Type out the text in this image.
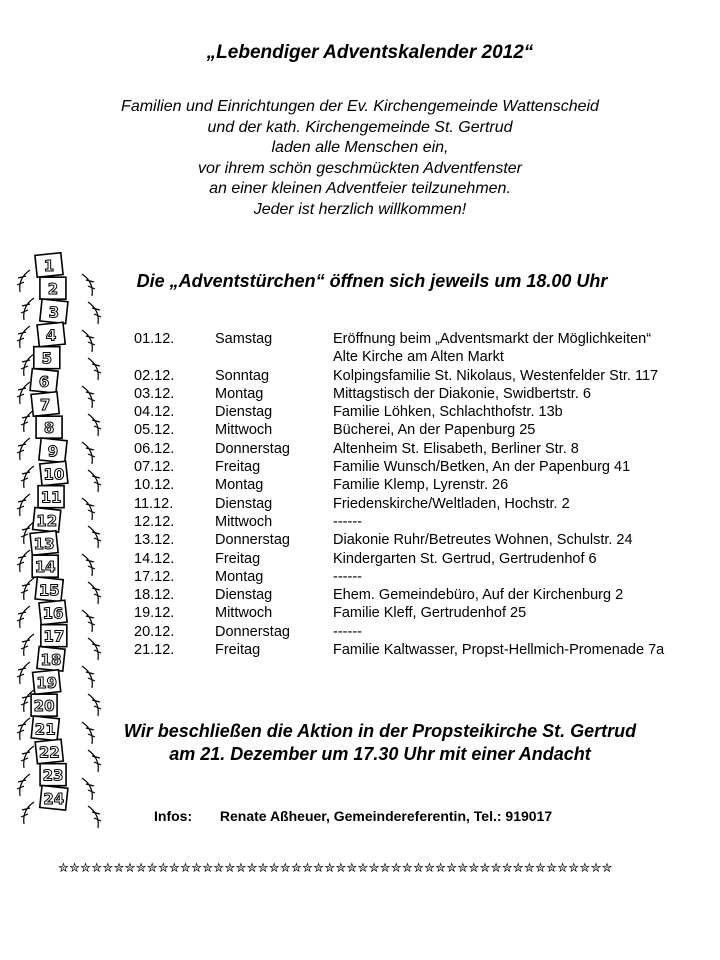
„Lebendiger Adventskalender 2012“
Familien und Einrichtungen der Ev. Kirchengemeinde Wattenscheid
und der kath. Kirchengemeinde St. Gertrud
laden alle Menschen ein,
vor ihrem schön geschmückten Adventfenster
an einer kleinen Adventfeier teilzunehmen.
Jeder ist herzlich willkommen!
Die „Adventstürchen“ öffnen sich jeweils um 18.00 Uhr
1
2
3
4
5
6
7
8
9
10
11
12
13
14
15
16
17
18
19
20
21
22
23
24
01.12.	Samstag	Eröffnung beim „Adventsmarkt der Möglichkeiten“
Alte Kirche am Alten Markt
02.12.	Sonntag	Kolpingsfamilie St. Nikolaus, Westenfelder Str. 117
03.12.	Montag	Mittagstisch der Diakonie, Swidbertstr. 6
04.12.	Dienstag	Familie Löhken, Schlachthofstr. 13b
05.12.	Mittwoch	Bücherei, An der Papenburg 25
06.12.	Donnerstag	Altenheim St. Elisabeth, Berliner Str. 8
07.12.	Freitag	Familie Wunsch/Betken, An der Papenburg 41
10.12.	Montag	Familie Klemp, Lyrenstr. 26
11.12.	Dienstag	Friedenskirche/Weltladen, Hochstr. 2
12.12.	Mittwoch	------
13.12.	Donnerstag	Diakonie Ruhr/Betreutes Wohnen, Schulstr. 24
14.12.	Freitag	Kindergarten St. Gertrud, Gertrudenhof 6
17.12.	Montag	------
18.12.	Dienstag	Ehem. Gemeindebüro, Auf der Kirchenburg 2
19.12.	Mittwoch	Familie Kleff, Gertrudenhof 25
20.12.	Donnerstag	------
21.12.	Freitag	Familie Kaltwasser, Propst-Hellmich-Promenade 7a
Wir beschließen die Aktion in der Propsteikirche St. Gertrud
am 21. Dezember um 17.30 Uhr mit einer Andacht
Infos: Renate Aßheuer, Gemeindereferentin, Tel.: 919017
✮✮✮✮✮✮✮✮✮✮✮✮✮✮✮✮✮✮✮✮✮✮✮✮✮✮✮✮✮✮✮✮✮✮✮✮✮✮✮✮✮✮✮✮✮✮✮✮✮✮
